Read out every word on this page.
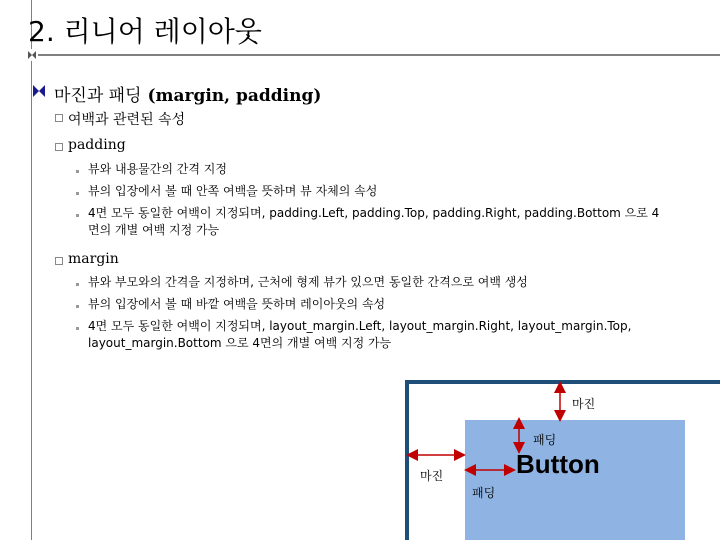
2. 리니어 레이아웃
마진과 패딩 (margin, padding)
여백과 관련된 속성
padding
뷰와 내용물간의 간격 지정
뷰의 입장에서 볼 때 안쪽 여백을 뜻하며 뷰 자체의 속성
4면 모두 동일한 여백이 지정되며, padding.Left, padding.Top, padding.Right, padding.Bottom 으로 4
면의 개별 여백 지정 가능
margin
뷰와 부모와의 간격을 지정하며, 근처에 형제 뷰가 있으면 동일한 간격으로 여백 생성
뷰의 입장에서 볼 때 바깥 여백을 뜻하며 레이아웃의 속성
4면 모두 동일한 여백이 지정되며, layout_margin.Left, layout_margin.Right, layout_margin.Top,
layout_margin.Bottom 으로 4면의 개별 여백 지정 가능
Button
마진
패딩
마진
패딩
